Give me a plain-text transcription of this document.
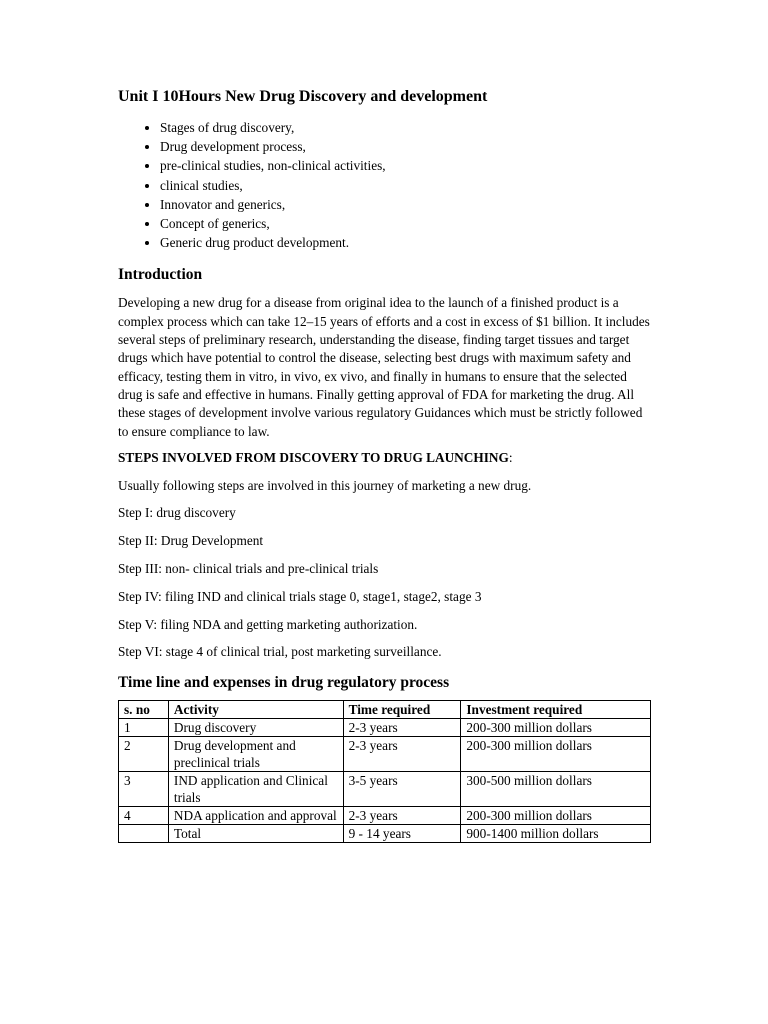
Unit I 10Hours New Drug Discovery and development
• Stages of drug discovery,
• Drug development process,
• pre-clinical studies, non-clinical activities,
• clinical studies,
• Innovator and generics,
• Concept of generics,
• Generic drug product development.
Introduction

Developing a new drug for a disease from original idea to the launch of a finished product is a complex process which can take 12–15 years of efforts and a cost in excess of $1 billion. It includes several steps of preliminary research, understanding the disease, finding target tissues and target drugs which have potential to control the disease, selecting best drugs with maximum safety and efficacy, testing them in vitro, in vivo, ex vivo, and finally in humans to ensure that the selected drug is safe and effective in humans. Finally getting approval of FDA for marketing the drug. All these stages of development involve various regulatory Guidances which must be strictly followed to ensure compliance to law.

STEPS INVOLVED FROM DISCOVERY TO DRUG LAUNCHING:

Usually following steps are involved in this journey of marketing a new drug.

Step I: drug discovery

Step II: Drug Development

Step III: non- clinical trials and pre-clinical trials

Step IV: filing IND and clinical trials stage 0, stage1, stage2, stage 3

Step V: filing NDA and getting marketing authorization.

Step VI: stage 4 of clinical trial, post marketing surveillance.

Time line and expenses in drug regulatory process
s. no	Activity	Time required	Investment required
1	Drug discovery	2-3 years	200-300 million dollars
2	Drug development and preclinical trials	2-3 years	200-300 million dollars
3	IND application and Clinical trials	3-5 years	300-500 million dollars
4	NDA application and approval	2-3 years	200-300 million dollars
	Total	9 - 14 years	900-1400 million dollars
